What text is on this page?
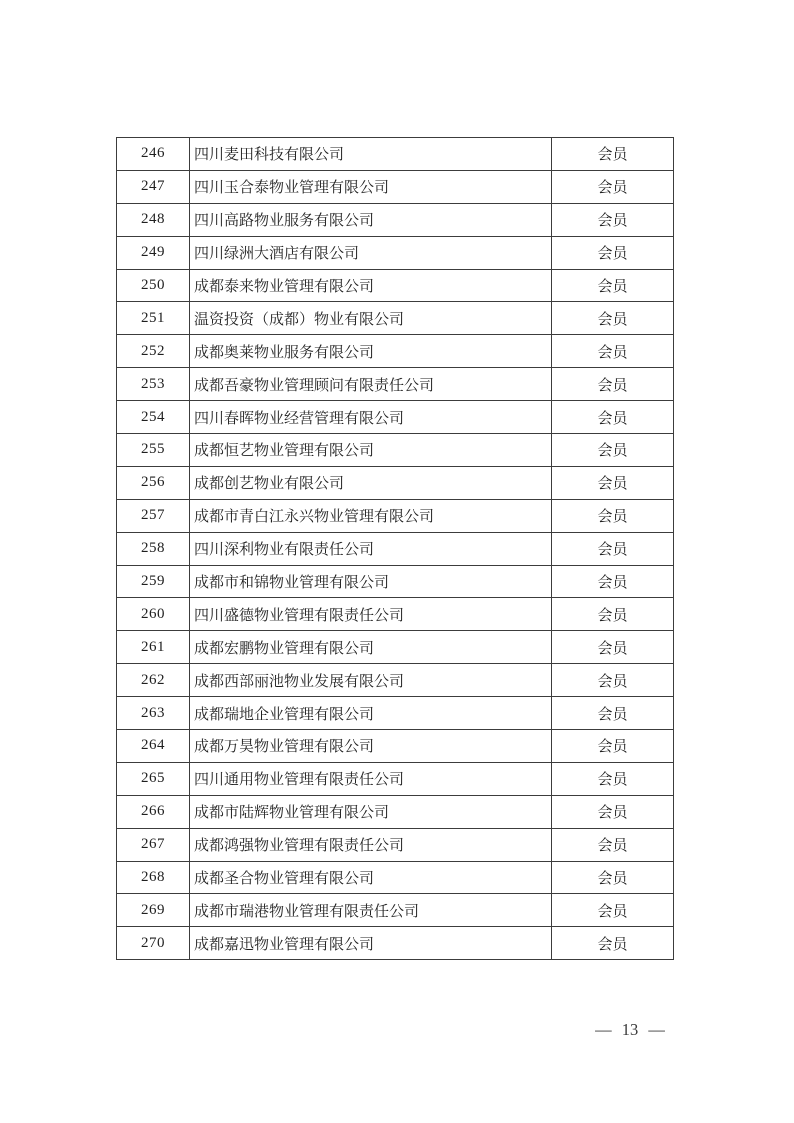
246	四川麦田科技有限公司	会员
247	四川玉合泰物业管理有限公司	会员
248	四川高路物业服务有限公司	会员
249	四川绿洲大酒店有限公司	会员
250	成都泰来物业管理有限公司	会员
251	温资投资（成都）物业有限公司	会员
252	成都奥莱物业服务有限公司	会员
253	成都吾豪物业管理顾问有限责任公司	会员
254	四川春晖物业经营管理有限公司	会员
255	成都恒艺物业管理有限公司	会员
256	成都创艺物业有限公司	会员
257	成都市青白江永兴物业管理有限公司	会员
258	四川深利物业有限责任公司	会员
259	成都市和锦物业管理有限公司	会员
260	四川盛德物业管理有限责任公司	会员
261	成都宏鹏物业管理有限公司	会员
262	成都西部丽池物业发展有限公司	会员
263	成都瑞地企业管理有限公司	会员
264	成都万昊物业管理有限公司	会员
265	四川通用物业管理有限责任公司	会员
266	成都市陆辉物业管理有限公司	会员
267	成都鸿强物业管理有限责任公司	会员
268	成都圣合物业管理有限公司	会员
269	成都市瑞港物业管理有限责任公司	会员
270	成都嘉迅物业管理有限公司	会员
— 13 —
